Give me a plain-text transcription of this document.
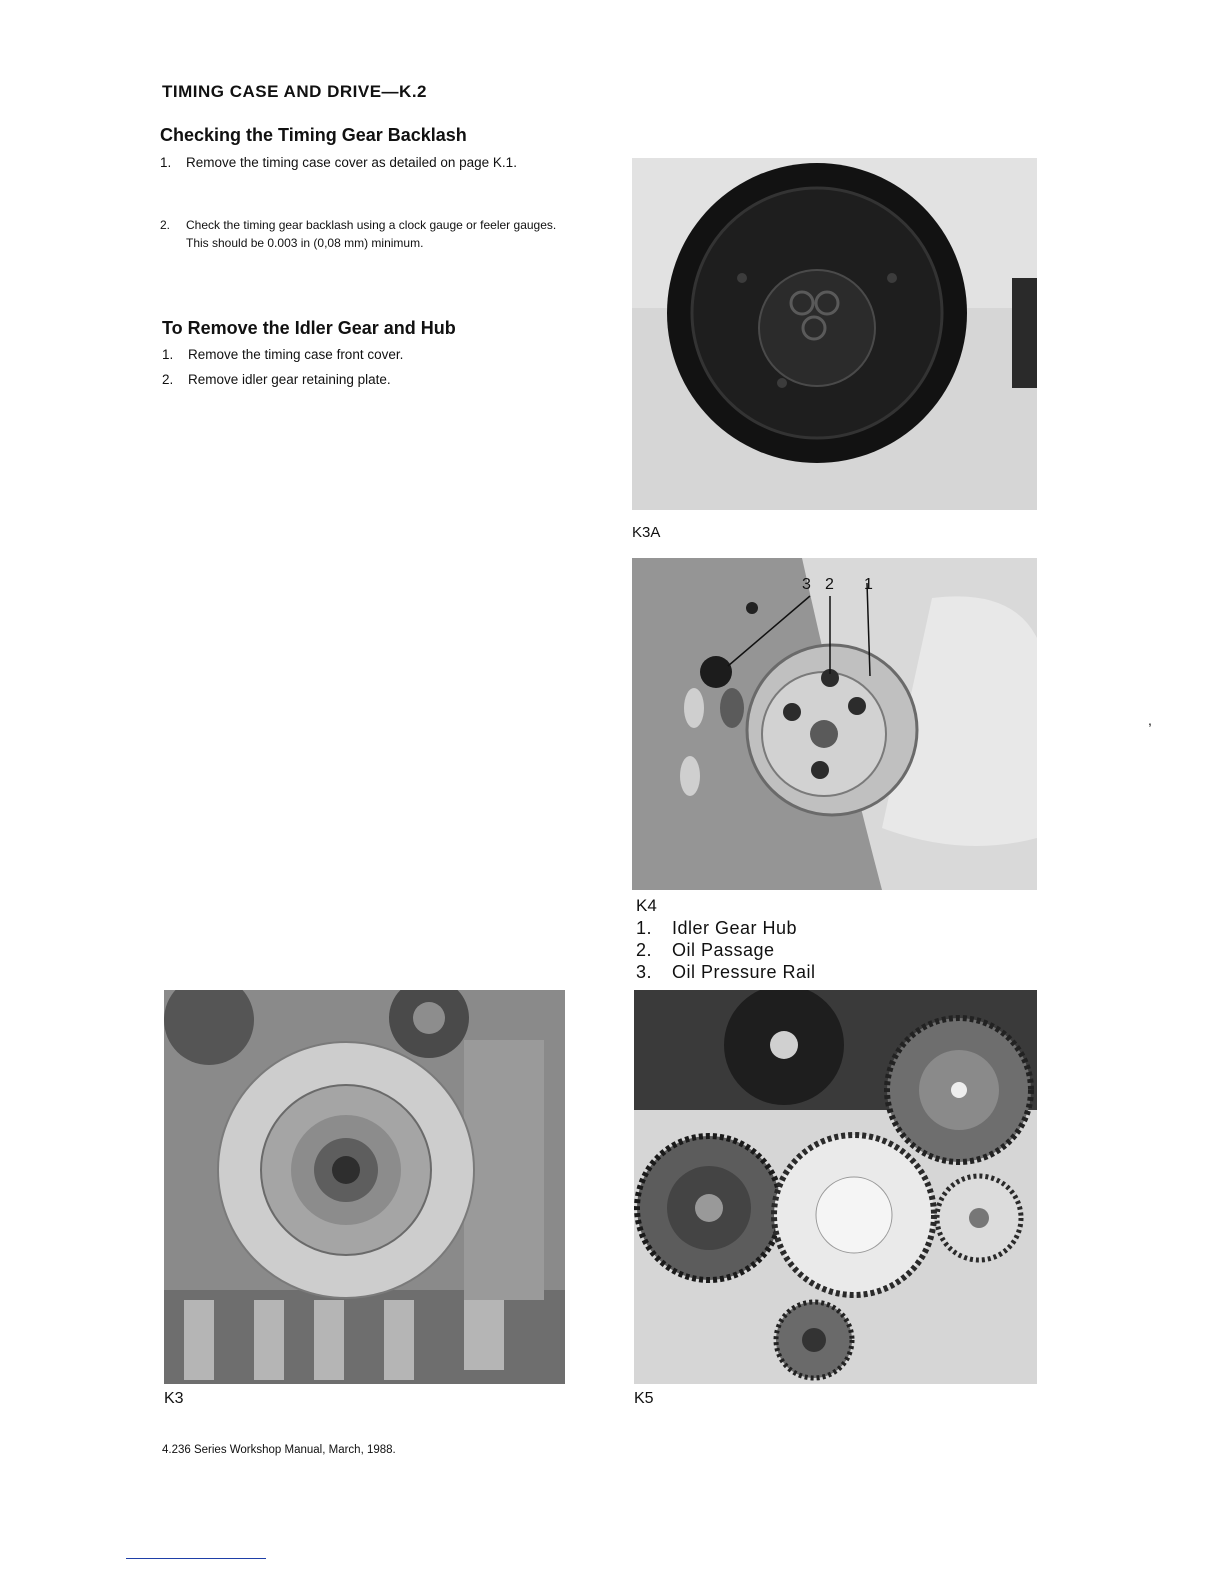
TIMING CASE AND DRIVE—K.2
Checking the Timing Gear Backlash
1. Remove the timing case cover as detailed on page K.1.
2. Check the timing gear backlash using a clock gauge or feeler gauges. This should be 0.003 in (0,08 mm) minimum.
To Remove the Idler Gear and Hub
1. Remove the timing case front cover.
2. Remove idler gear retaining plate.
K3A
3 2 1
K4
1. Idler Gear Hub
2. Oil Passage
3. Oil Pressure Rail
K3	K5
4.236 Series Workshop Manual, March, 1988.
,
